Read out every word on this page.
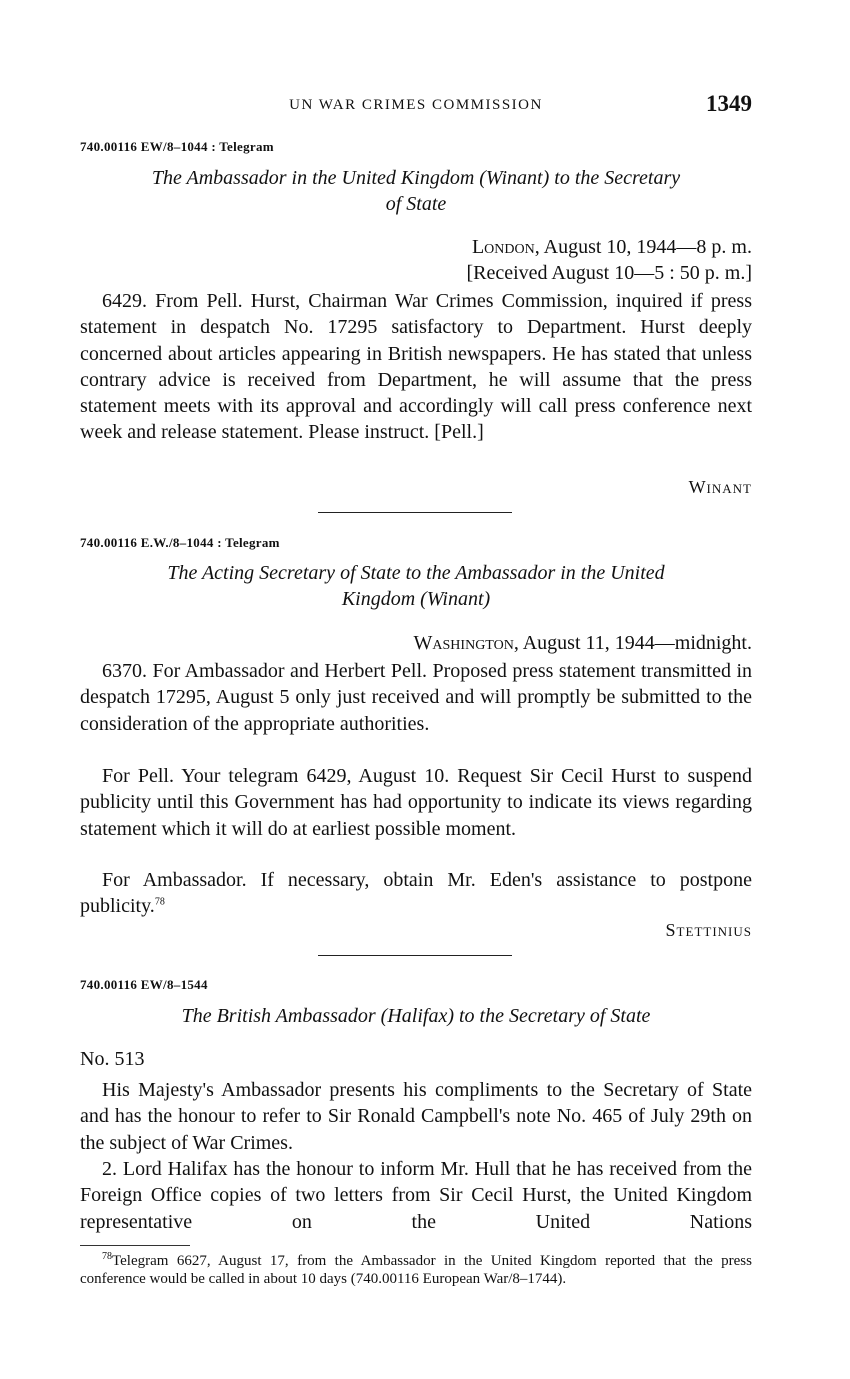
UN WAR CRIMES COMMISSION	1349
740.00116 EW/8–1044 : Telegram
The Ambassador in the United Kingdom (Winant) to the Secretary
of State
London, August 10, 1944—8 p. m.
[Received August 10—5 : 50 p. m.]

6429. From Pell. Hurst, Chairman War Crimes Commission, inquired if press statement in despatch No. 17295 satisfactory to Department. Hurst deeply concerned about articles appearing in British newspapers. He has stated that unless contrary advice is received from Department, he will assume that the press statement meets with its approval and accordingly will call press conference next week and release statement. Please instruct. [Pell.]

Winant
740.00116 E.W./8–1044 : Telegram
The Acting Secretary of State to the Ambassador in the United
Kingdom (Winant)
Washington, August 11, 1944—midnight.

6370. For Ambassador and Herbert Pell. Proposed press statement transmitted in despatch 17295, August 5 only just received and will promptly be submitted to the consideration of the appropriate authorities.

For Pell. Your telegram 6429, August 10. Request Sir Cecil Hurst to suspend publicity until this Government has had opportunity to indicate its views regarding statement which it will do at earliest possible moment.

For Ambassador. If necessary, obtain Mr. Eden's assistance to postpone publicity.$^{78}$

Stettinius
740.00116 EW/8–1544
The British Ambassador (Halifax) to the Secretary of State
No. 513

His Majesty's Ambassador presents his compliments to the Secretary of State and has the honour to refer to Sir Ronald Campbell's note No. 465 of July 29th on the subject of War Crimes.

2. Lord Halifax has the honour to inform Mr. Hull that he has received from the Foreign Office copies of two letters from Sir Cecil Hurst, the United Kingdom representative on the United Nations

$^{78}$Telegram 6627, August 17, from the Ambassador in the United Kingdom reported that the press conference would be called in about 10 days (740.00116 European War/8–1744).
